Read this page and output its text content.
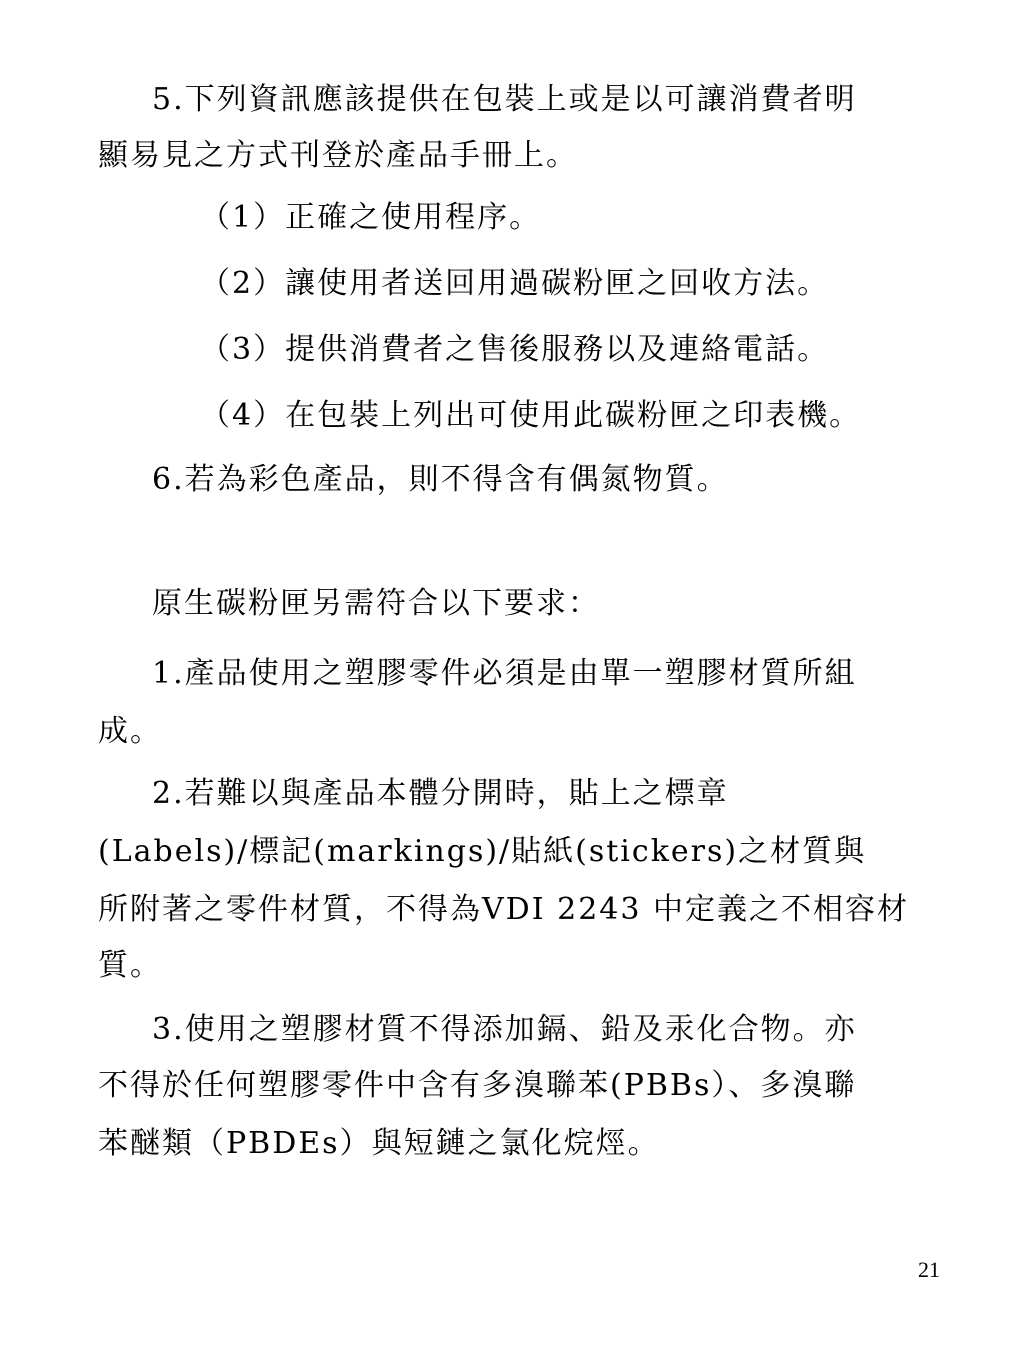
5.下列資訊應該提供在包裝上或是以可讓消費者明
顯易見之方式刊登於產品手冊上。
（1）正確之使用程序。
（2）讓使用者送回用過碳粉匣之回收方法。
（3）提供消費者之售後服務以及連絡電話。
（4）在包裝上列出可使用此碳粉匣之印表機。
6.若為彩色產品，則不得含有偶氮物質。
原生碳粉匣另需符合以下要求：
1.產品使用之塑膠零件必須是由單一塑膠材質所組
成。
2.若難以與產品本體分開時，貼上之標章
(Labels)/標記(markings)/貼紙(stickers)之材質與
所附著之零件材質，不得為VDI 2243 中定義之不相容材
質。
3.使用之塑膠材質不得添加鎘、鉛及汞化合物。亦
不得於任何塑膠零件中含有多溴聯苯(PBBs）、多溴聯
苯醚類（PBDEs）與短鏈之氯化烷烴。
21
